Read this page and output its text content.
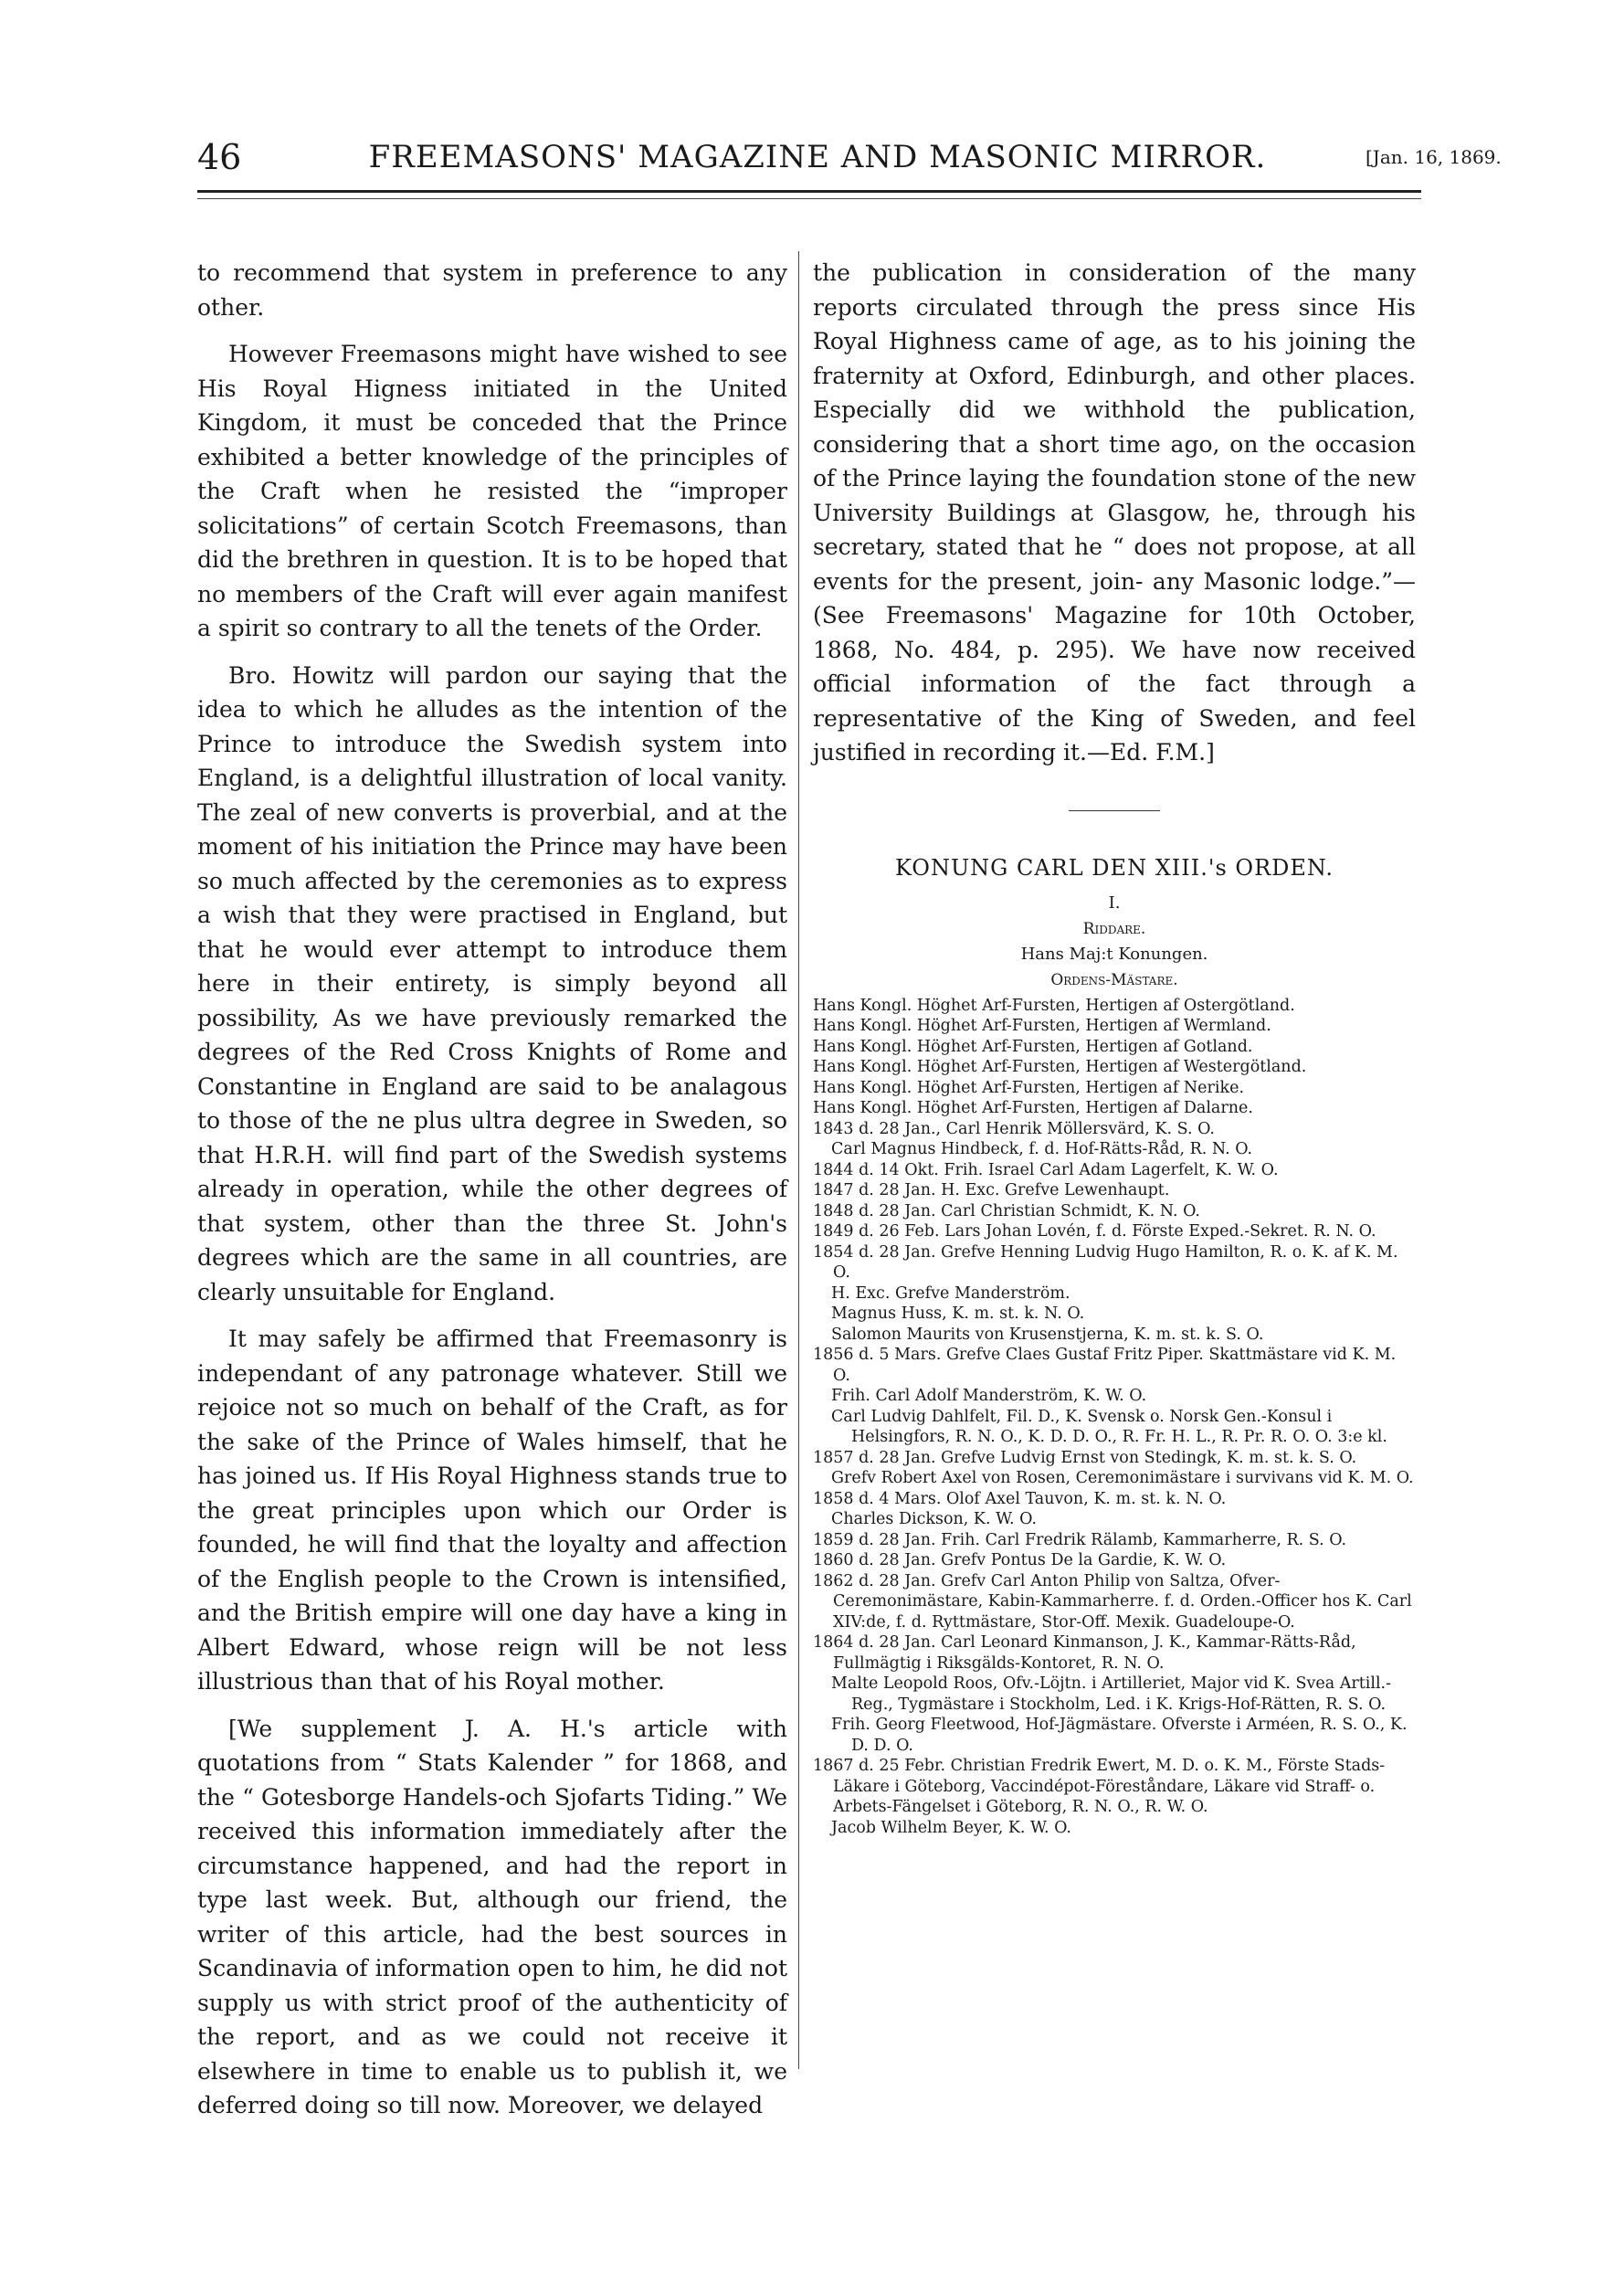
46	FREEMASONS' MAGAZINE AND MASONIC MIRROR.	[Jan. 16, 1869.

to recommend that system in preference to any other.

However Freemasons might have wished to see His Royal Higness initiated in the United Kingdom, it must be conceded that the Prince exhibited a better knowledge of the principles of the Craft when he resisted the “improper solicitations” of certain Scotch Freemasons, than did the brethren in question. It is to be hoped that no members of the Craft will ever again manifest a spirit so contrary to all the tenets of the Order.

Bro. Howitz will pardon our saying that the idea to which he alludes as the intention of the Prince to introduce the Swedish system into England, is a delightful illustration of local vanity. The zeal of new converts is proverbial, and at the moment of his initiation the Prince may have been so much affected by the ceremonies as to express a wish that they were practised in England, but that he would ever attempt to introduce them here in their entirety, is simply beyond all possibility, As we have previously remarked the degrees of the Red Cross Knights of Rome and Constantine in England are said to be analagous to those of the ne plus ultra degree in Sweden, so that H.R.H. will find part of the Swedish systems already in operation, while the other degrees of that system, other than the three St. John's degrees which are the same in all countries, are clearly unsuitable for England.

It may safely be affirmed that Freemasonry is independant of any patronage whatever. Still we rejoice not so much on behalf of the Craft, as for the sake of the Prince of Wales himself, that he has joined us. If His Royal Highness stands true to the great principles upon which our Order is founded, he will find that the loyalty and affection of the English people to the Crown is intensified, and the British empire will one day have a king in Albert Edward, whose reign will be not less illustrious than that of his Royal mother.

[We supplement J. A. H.'s article with quotations from “ Stats Kalender ” for 1868, and the “ Gotesborge Handels-och Sjofarts Tiding.” We received this information immediately after the circumstance happened, and had the report in type last week. But, although our friend, the writer of this article, had the best sources in Scandinavia of information open to him, he did not supply us with strict proof of the authenticity of the report, and as we could not receive it elsewhere in time to enable us to publish it, we deferred doing so till now. Moreover, we delayed

the publication in consideration of the many reports circulated through the press since His Royal Highness came of age, as to his joining the fraternity at Oxford, Edinburgh, and other places. Especially did we withhold the publication, considering that a short time ago, on the occasion of the Prince laying the foundation stone of the new University Buildings at Glasgow, he, through his secretary, stated that he “ does not propose, at all events for the present, join- any Masonic lodge.”—(See Freemasons' Magazine for 10th October, 1868, No. 484, p. 295). We have now received official information of the fact through a representative of the King of Sweden, and feel justified in recording it.—Ed. F.M.]

KONUNG CARL DEN XIII.'s ORDEN.

I.

Riddare.

Hans Maj:t Konungen.

Ordens-Mästare.

Hans Kongl. Höghet Arf-Fursten, Hertigen af Ostergötland.
Hans Kongl. Höghet Arf-Fursten, Hertigen af Wermland.
Hans Kongl. Höghet Arf-Fursten, Hertigen af Gotland.
Hans Kongl. Höghet Arf-Fursten, Hertigen af Westergötland.
Hans Kongl. Höghet Arf-Fursten, Hertigen af Nerike.
Hans Kongl. Höghet Arf-Fursten, Hertigen af Dalarne.
1843 d. 28 Jan., Carl Henrik Möllersvärd, K. S. O.
Carl Magnus Hindbeck, f. d. Hof-Rätts-Råd, R. N. O.
1844 d. 14 Okt. Frih. Israel Carl Adam Lagerfelt, K. W. O.
1847 d. 28 Jan. H. Exc. Grefve Lewenhaupt.
1848 d. 28 Jan. Carl Christian Schmidt, K. N. O.
1849 d. 26 Feb. Lars Johan Lovén, f. d. Förste Exped.-Sekret. R. N. O.
1854 d. 28 Jan. Grefve Henning Ludvig Hugo Hamilton, R. o. K. af K. M. O.
H. Exc. Grefve Manderström.
Magnus Huss, K. m. st. k. N. O.
Salomon Maurits von Krusenstjerna, K. m. st. k. S. O.
1856 d. 5 Mars. Grefve Claes Gustaf Fritz Piper. Skattmästare vid K. M. O.
Frih. Carl Adolf Manderström, K. W. O.
Carl Ludvig Dahlfelt, Fil. D., K. Svensk o. Norsk Gen.-Konsul i Helsingfors, R. N. O., K. D. D. O., R. Fr. H. L., R. Pr. R. O. O. 3:e kl.
1857 d. 28 Jan. Grefve Ludvig Ernst von Stedingk, K. m. st. k. S. O.
Grefv Robert Axel von Rosen, Ceremonimästare i survivans vid K. M. O.
1858 d. 4 Mars. Olof Axel Tauvon, K. m. st. k. N. O.
Charles Dickson, K. W. O.
1859 d. 28 Jan. Frih. Carl Fredrik Rälamb, Kammarherre, R. S. O.
1860 d. 28 Jan. Grefv Pontus De la Gardie, K. W. O.
1862 d. 28 Jan. Grefv Carl Anton Philip von Saltza, Ofver-Ceremonimästare, Kabin-Kammarherre. f. d. Orden.-Officer hos K. Carl XIV:de, f. d. Ryttmästare, Stor-Off. Mexik. Guadeloupe-O.
1864 d. 28 Jan. Carl Leonard Kinmanson, J. K., Kammar-Rätts-Råd, Fullmägtig i Riksgälds-Kontoret, R. N. O.
Malte Leopold Roos, Ofv.-Löjtn. i Artilleriet, Major vid K. Svea Artill.-Reg., Tygmästare i Stockholm, Led. i K. Krigs-Hof-Rätten, R. S. O.
Frih. Georg Fleetwood, Hof-Jägmästare. Ofverste i Arméen, R. S. O., K. D. D. O.
1867 d. 25 Febr. Christian Fredrik Ewert, M. D. o. K. M., Förste Stads-Läkare i Göteborg, Vaccindépot-Föreståndare, Läkare vid Straff- o. Arbets-Fängelset i Göteborg, R. N. O., R. W. O.
Jacob Wilhelm Beyer, K. W. O.
